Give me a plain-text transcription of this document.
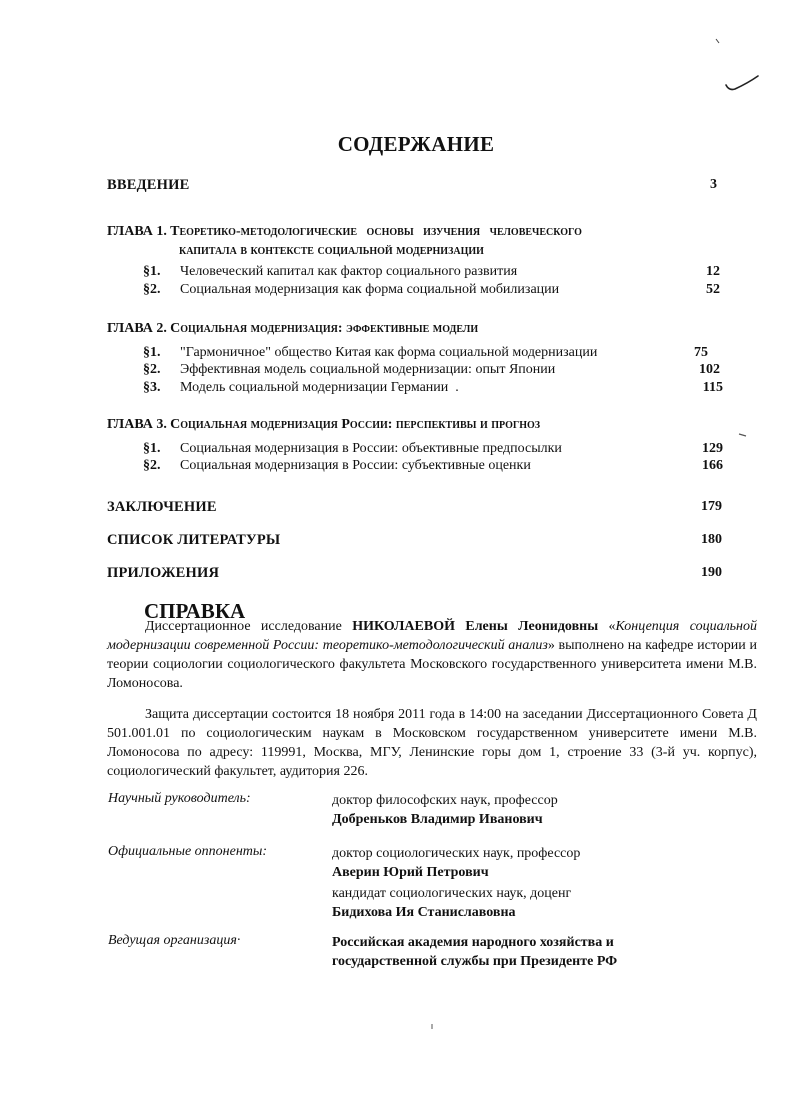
СОДЕРЖАНИЕ
ВВЕДЕНИЕ	3
ГЛАВА 1. Теоретико-методологические основы изучения человеческого
капитала в контексте социальной модернизации
§1. Человеческий капитал как фактор социального развития	12
§2. Социальная модернизация как форма социальной мобилизации	52
ГЛАВА 2. Социальная модернизация: эффективные модели
§1. "Гармоничное" общество Китая как форма социальной модернизации	75
§2. Эффективная модель социальной модернизации: опыт Японии	102
§3. Модель социальной модернизации Германии  .	115
ГЛАВА 3. Социальная модернизация России: перспективы и прогноз
§1. Социальная модернизация в России: объективные предпосылки	129
§2. Социальная модернизация в России: субъективные оценки	166
ЗАКЛЮЧЕНИЕ	179
СПИСОК ЛИТЕРАТУРЫ	180
ПРИЛОЖЕНИЯ	190
СПРАВКА

Диссертационное исследование НИКОЛАЕВОЙ Елены Леонидовны «Концепция социальной модернизации современной России: теоретико-методологический анализ» выполнено на кафедре истории и теории социологии социологического факультета Московского государственного университета имени М.В. Ломоносова.

Защита диссертации состоится 18 ноября 2011 года в 14:00 на заседании Диссертационного Совета Д 501.001.01 по социологическим наукам в Московском государственном университете имени М.В. Ломоносова по адресу: 119991, Москва, МГУ, Ленинские горы дом 1, строение 33 (3-й уч. корпус), социологический факультет, аудитория 226.

Научный руководитель:	доктор философских наук, профессор
Добреньков Владимир Иванович
Официальные оппоненты:	доктор социологических наук, профессор
Аверин Юрий Петрович
кандидат социологических наук, доценг
Бидихова Ия Станиславовна
Ведущая организация·	Российская академия народного хозяйства и
государственной службы при Президенте РФ
